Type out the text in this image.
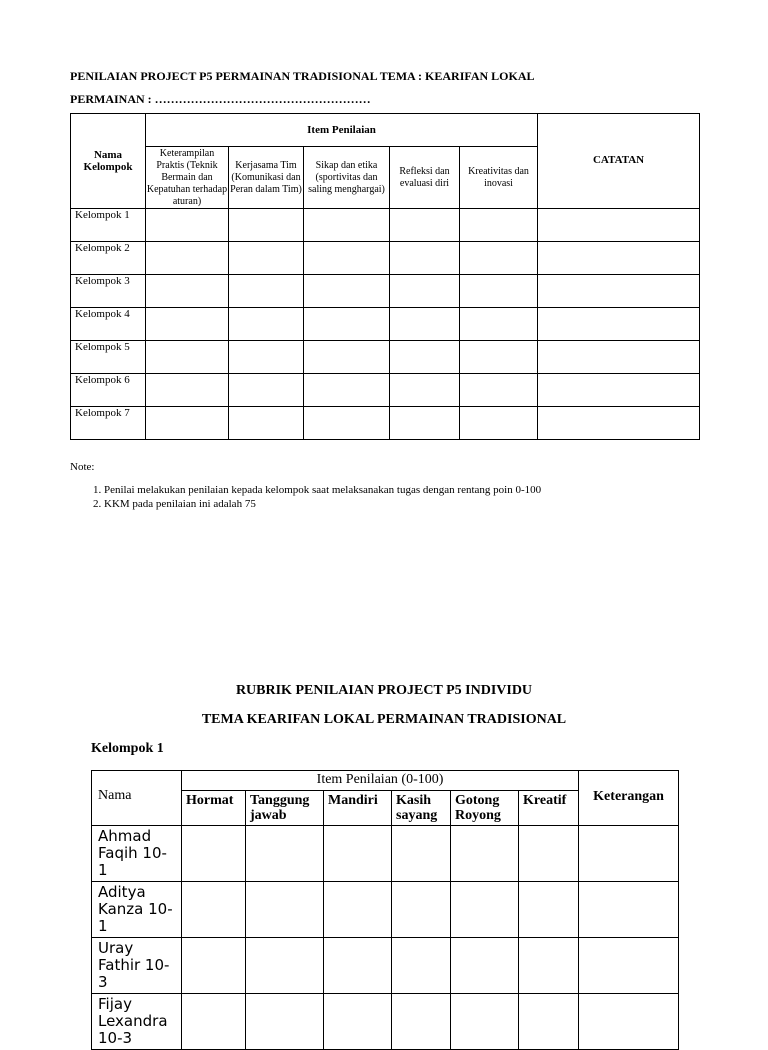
PENILAIAN PROJECT P5 PERMAINAN TRADISIONAL TEMA : KEARIFAN LOKAL
PERMAINAN : ………………………………………………
Nama Kelompok	Item Penilaian					CATATAN
	Keterampilan Praktis (Teknik Bermain dan Kepatuhan terhadap aturan)	Kerjasama Tim (Komunikasi dan Peran dalam Tim)	Sikap dan etika (sportivitas dan saling menghargai)	Refleksi dan evaluasi diri	Kreativitas dan inovasi	
Kelompok 1						
Kelompok 2						
Kelompok 3						
Kelompok 4						
Kelompok 5						
Kelompok 6						
Kelompok 7						
Note:
1. Penilai melakukan penilaian kepada kelompok saat melaksanakan tugas dengan rentang poin 0-100
2. KKM pada penilaian ini adalah 75
RUBRIK PENILAIAN PROJECT P5 INDIVIDU
TEMA KEARIFAN LOKAL PERMAINAN TRADISIONAL
Kelompok 1
Nama	Item Penilaian (0-100)						Keterangan
	Hormat	Tanggung jawab	Mandiri	Kasih sayang	Gotong Royong	Kreatif	
Ahmad Faqih 10-1							
Aditya Kanza 10-1							
Uray Fathir 10-3							
Fijay Lexandra 10-3							
